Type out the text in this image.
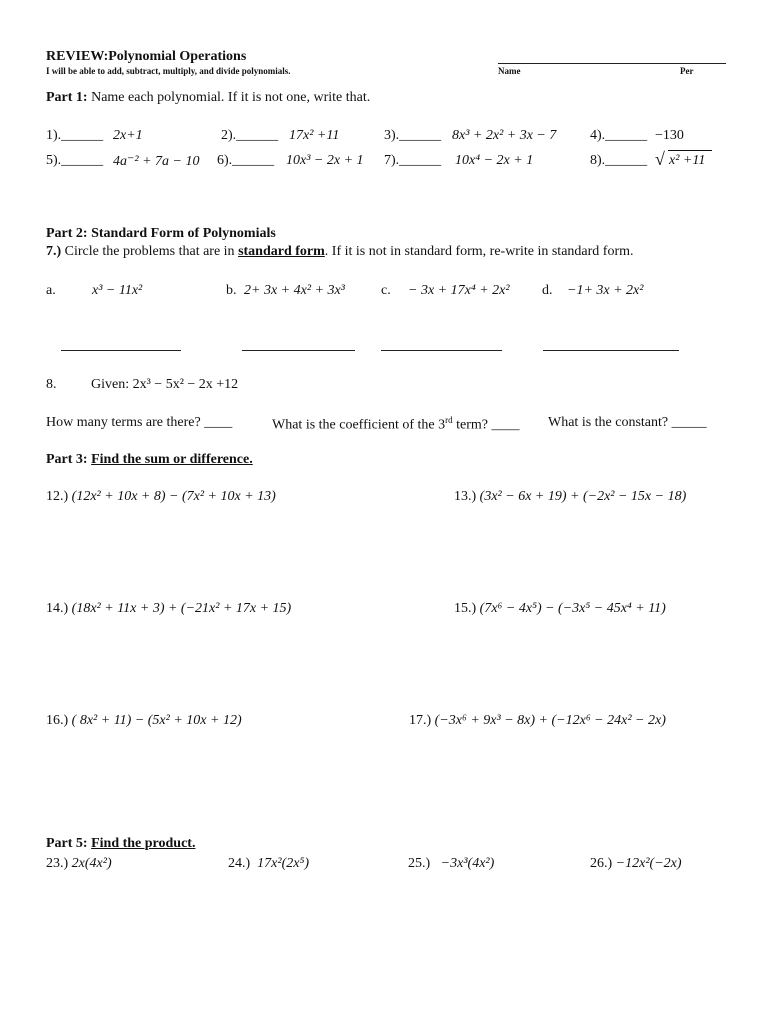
REVIEW:Polynomial Operations
I will be able to add, subtract, multiply, and divide polynomials.	Name	Per
Part 1: Name each polynomial. If it is not one, write that.
1).______ 2x+1	2).______ 17x² +11	3).______ 8x³ + 2x² + 3x − 7 4).______ −130
5).______ 4a⁻² + 7a − 10 6).______ 10x³ − 2x + 1 7).______ 10x⁴ − 2x + 1	8).______ √ x² +11
Part 2: Standard Form of Polynomials
7.) Circle the problems that are in standard form. If it is not in standard form, re-write in standard form.
a.	x³ − 11x²	b. 2+ 3x + 4x² + 3x³	c. − 3x + 17x⁴ + 2x² d. −1+ 3x + 2x²
8. Given: 2x³ − 5x² − 2x +12
How many terms are there? ____	What is the coefficient of the 3rd term? ____ What is the constant? _____
Part 3: Find the sum or difference.
12.) (12x² + 10x + 8) − (7x² + 10x + 13)	13.) (3x² − 6x + 19) + (−2x² − 15x − 18)
14.) (18x² + 11x + 3) + (−21x² + 17x + 15)	15.) (7x⁶ − 4x⁵) − (−3x⁵ − 45x⁴ + 11)
16.) ( 8x² + 11) − (5x² + 10x + 12)	17.) (−3x⁶ + 9x³ − 8x) + (−12x⁶ − 24x² − 2x)
Part 5: Find the product.
23.) 2x(4x²)	24.) 17x²(2x⁵)	25.) −3x³(4x²)	26.) −12x²(−2x)
